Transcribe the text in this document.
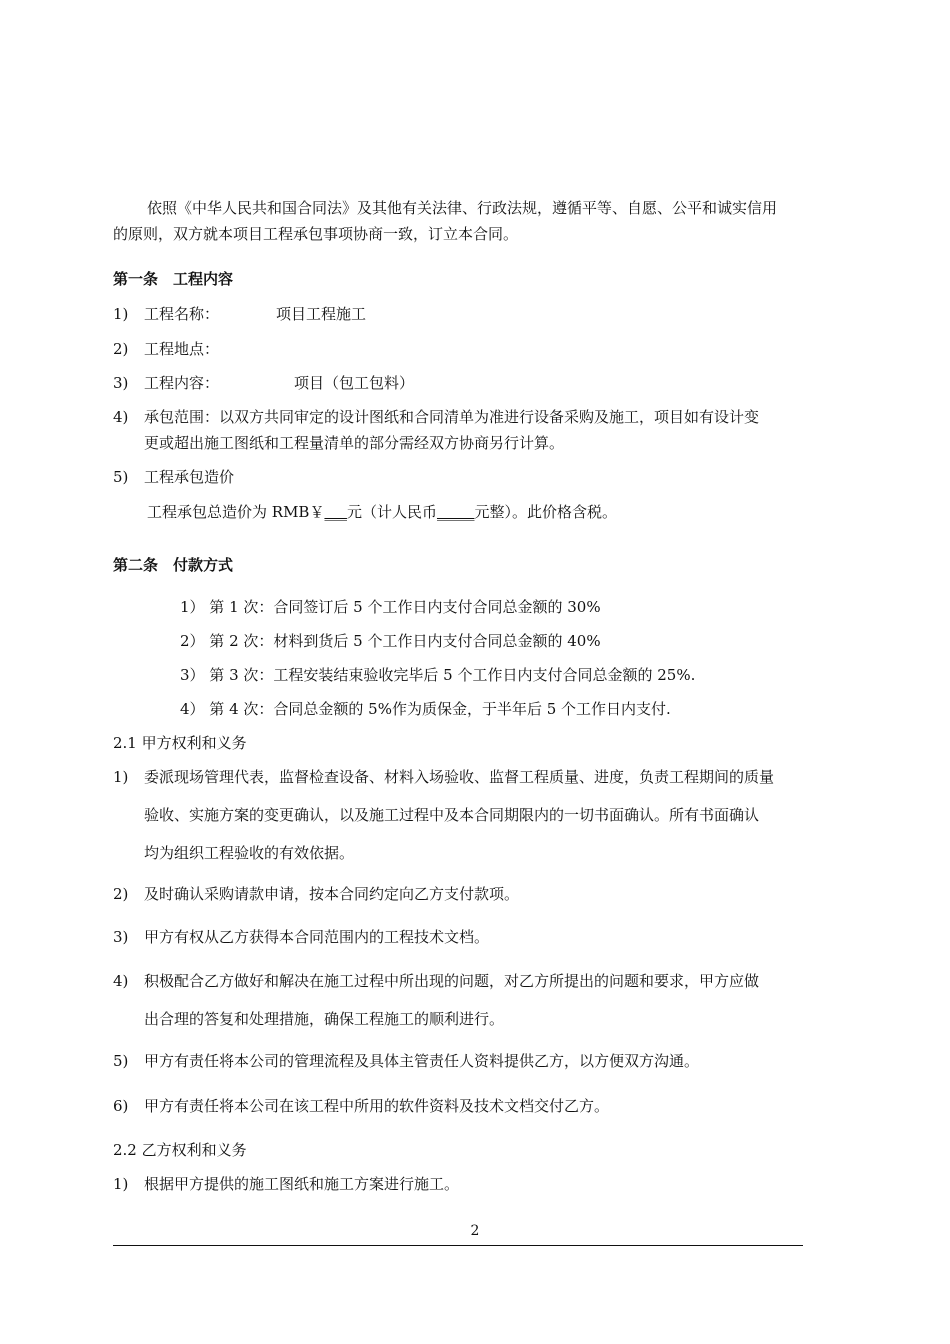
依照《中华人民共和国合同法》及其他有关法律、行政法规，遵循平等、自愿、公平和诚实信用
的原则，双方就本项目工程承包事项协商一致，订立本合同。
第一条　工程内容
1) 工程名称：	项目工程施工
2) 工程地点：
3) 工程内容：	项目（包工包料）
4) 承包范围：以双方共同审定的设计图纸和合同清单为准进行设备采购及施工，项目如有设计变
更或超出施工图纸和工程量清单的部分需经双方协商另行计算。
5) 工程承包造价
工程承包总造价为 RMB￥___元（计人民币_____元整）。此价格含税。
第二条　付款方式
1） 第 1 次：合同签订后 5 个工作日内支付合同总金额的 30%
2） 第 2 次：材料到货后 5 个工作日内支付合同总金额的 40%
3） 第 3 次：工程安装结束验收完毕后 5 个工作日内支付合同总金额的 25%.
4） 第 4 次：合同总金额的 5%作为质保金，于半年后 5 个工作日内支付.
2.1 甲方权利和义务
1) 委派现场管理代表，监督检查设备、材料入场验收、监督工程质量、进度，负责工程期间的质量
验收、实施方案的变更确认，以及施工过程中及本合同期限内的一切书面确认。所有书面确认
均为组织工程验收的有效依据。
2) 及时确认采购请款申请，按本合同约定向乙方支付款项。
3) 甲方有权从乙方获得本合同范围内的工程技术文档。
4) 积极配合乙方做好和解决在施工过程中所出现的问题，对乙方所提出的问题和要求，甲方应做
出合理的答复和处理措施，确保工程施工的顺利进行。
5) 甲方有责任将本公司的管理流程及具体主管责任人资料提供乙方，以方便双方沟通。
6) 甲方有责任将本公司在该工程中所用的软件资料及技术文档交付乙方。
2.2 乙方权利和义务
1) 根据甲方提供的施工图纸和施工方案进行施工。
2
